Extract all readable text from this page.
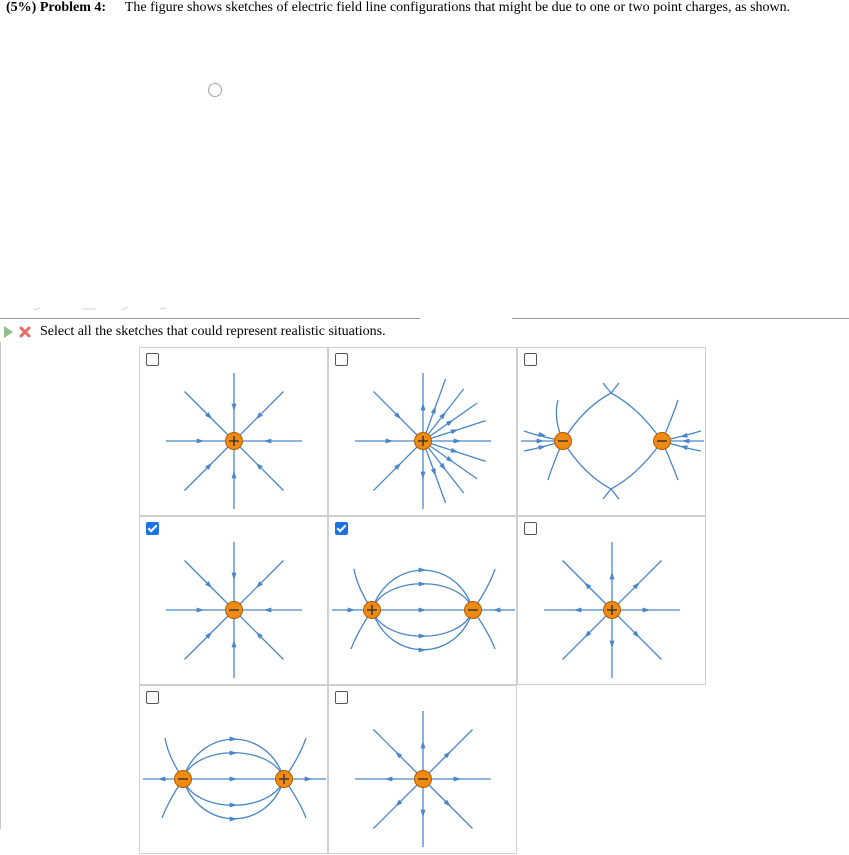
(5%) Problem 4: The figure shows sketches of electric field line configurations that might be due to one or two point charges, as shown.
Select all the sketches that could represent realistic situations.
